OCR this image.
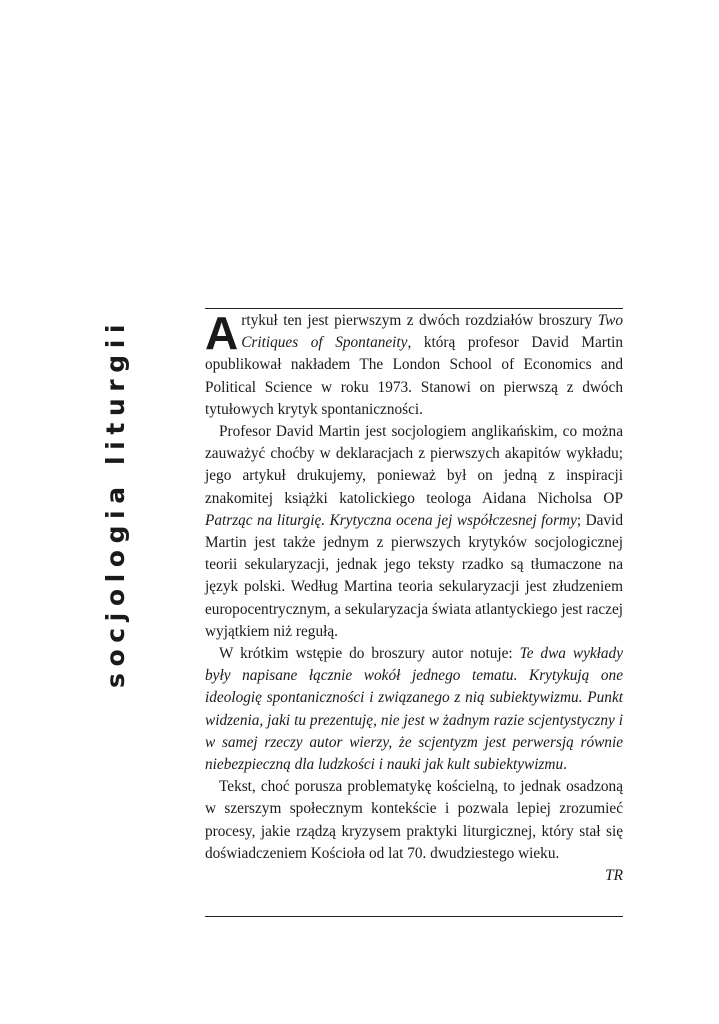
socjologia liturgii Artykuł ten jest pierwszym z dwóch rozdziałów broszury Two Critiques of Spontaneity, którą profesor David Martin opublikował nakładem The London School of Economics and Political Science w roku 1973. Stanowi on pierwszą z dwóch tytułowych krytyk spontaniczności.

Profesor David Martin jest socjologiem anglikańskim, co można zauważyć choćby w deklaracjach z pierwszych akapitów wykładu; jego artykuł drukujemy, ponieważ był on jedną z inspiracji znakomitej książki katolickiego teologa Aidana Nicholsa OP Patrząc na liturgię. Krytyczna ocena jej współczesnej formy; David Martin jest także jednym z pierwszych krytyków socjologicznej teorii sekularyzacji, jednak jego teksty rzadko są tłumaczone na język polski. Według Martina teoria sekularyzacji jest złudzeniem europocentrycznym, a sekularyzacja świata atlantyckiego jest raczej wyjątkiem niż regułą.

W krótkim wstępie do broszury autor notuje: Te dwa wykłady były napisane łącznie wokół jednego tematu. Krytykują one ideologię spontaniczności i związanego z nią subiektywizmu. Punkt widzenia, jaki tu prezentuję, nie jest w żadnym razie scjentystyczny i w samej rzeczy autor wierzy, że scjentyzm jest perwersją równie niebezpieczną dla ludzkości i nauki jak kult subiektywizmu.

Tekst, choć porusza problematykę kościelną, to jednak osadzoną w szerszym społecznym kontekście i pozwala lepiej zrozumieć procesy, jakie rządzą kryzysem praktyki liturgicznej, który stał się doświadczeniem Kościoła od lat 70. dwudziestego wieku.

TR
